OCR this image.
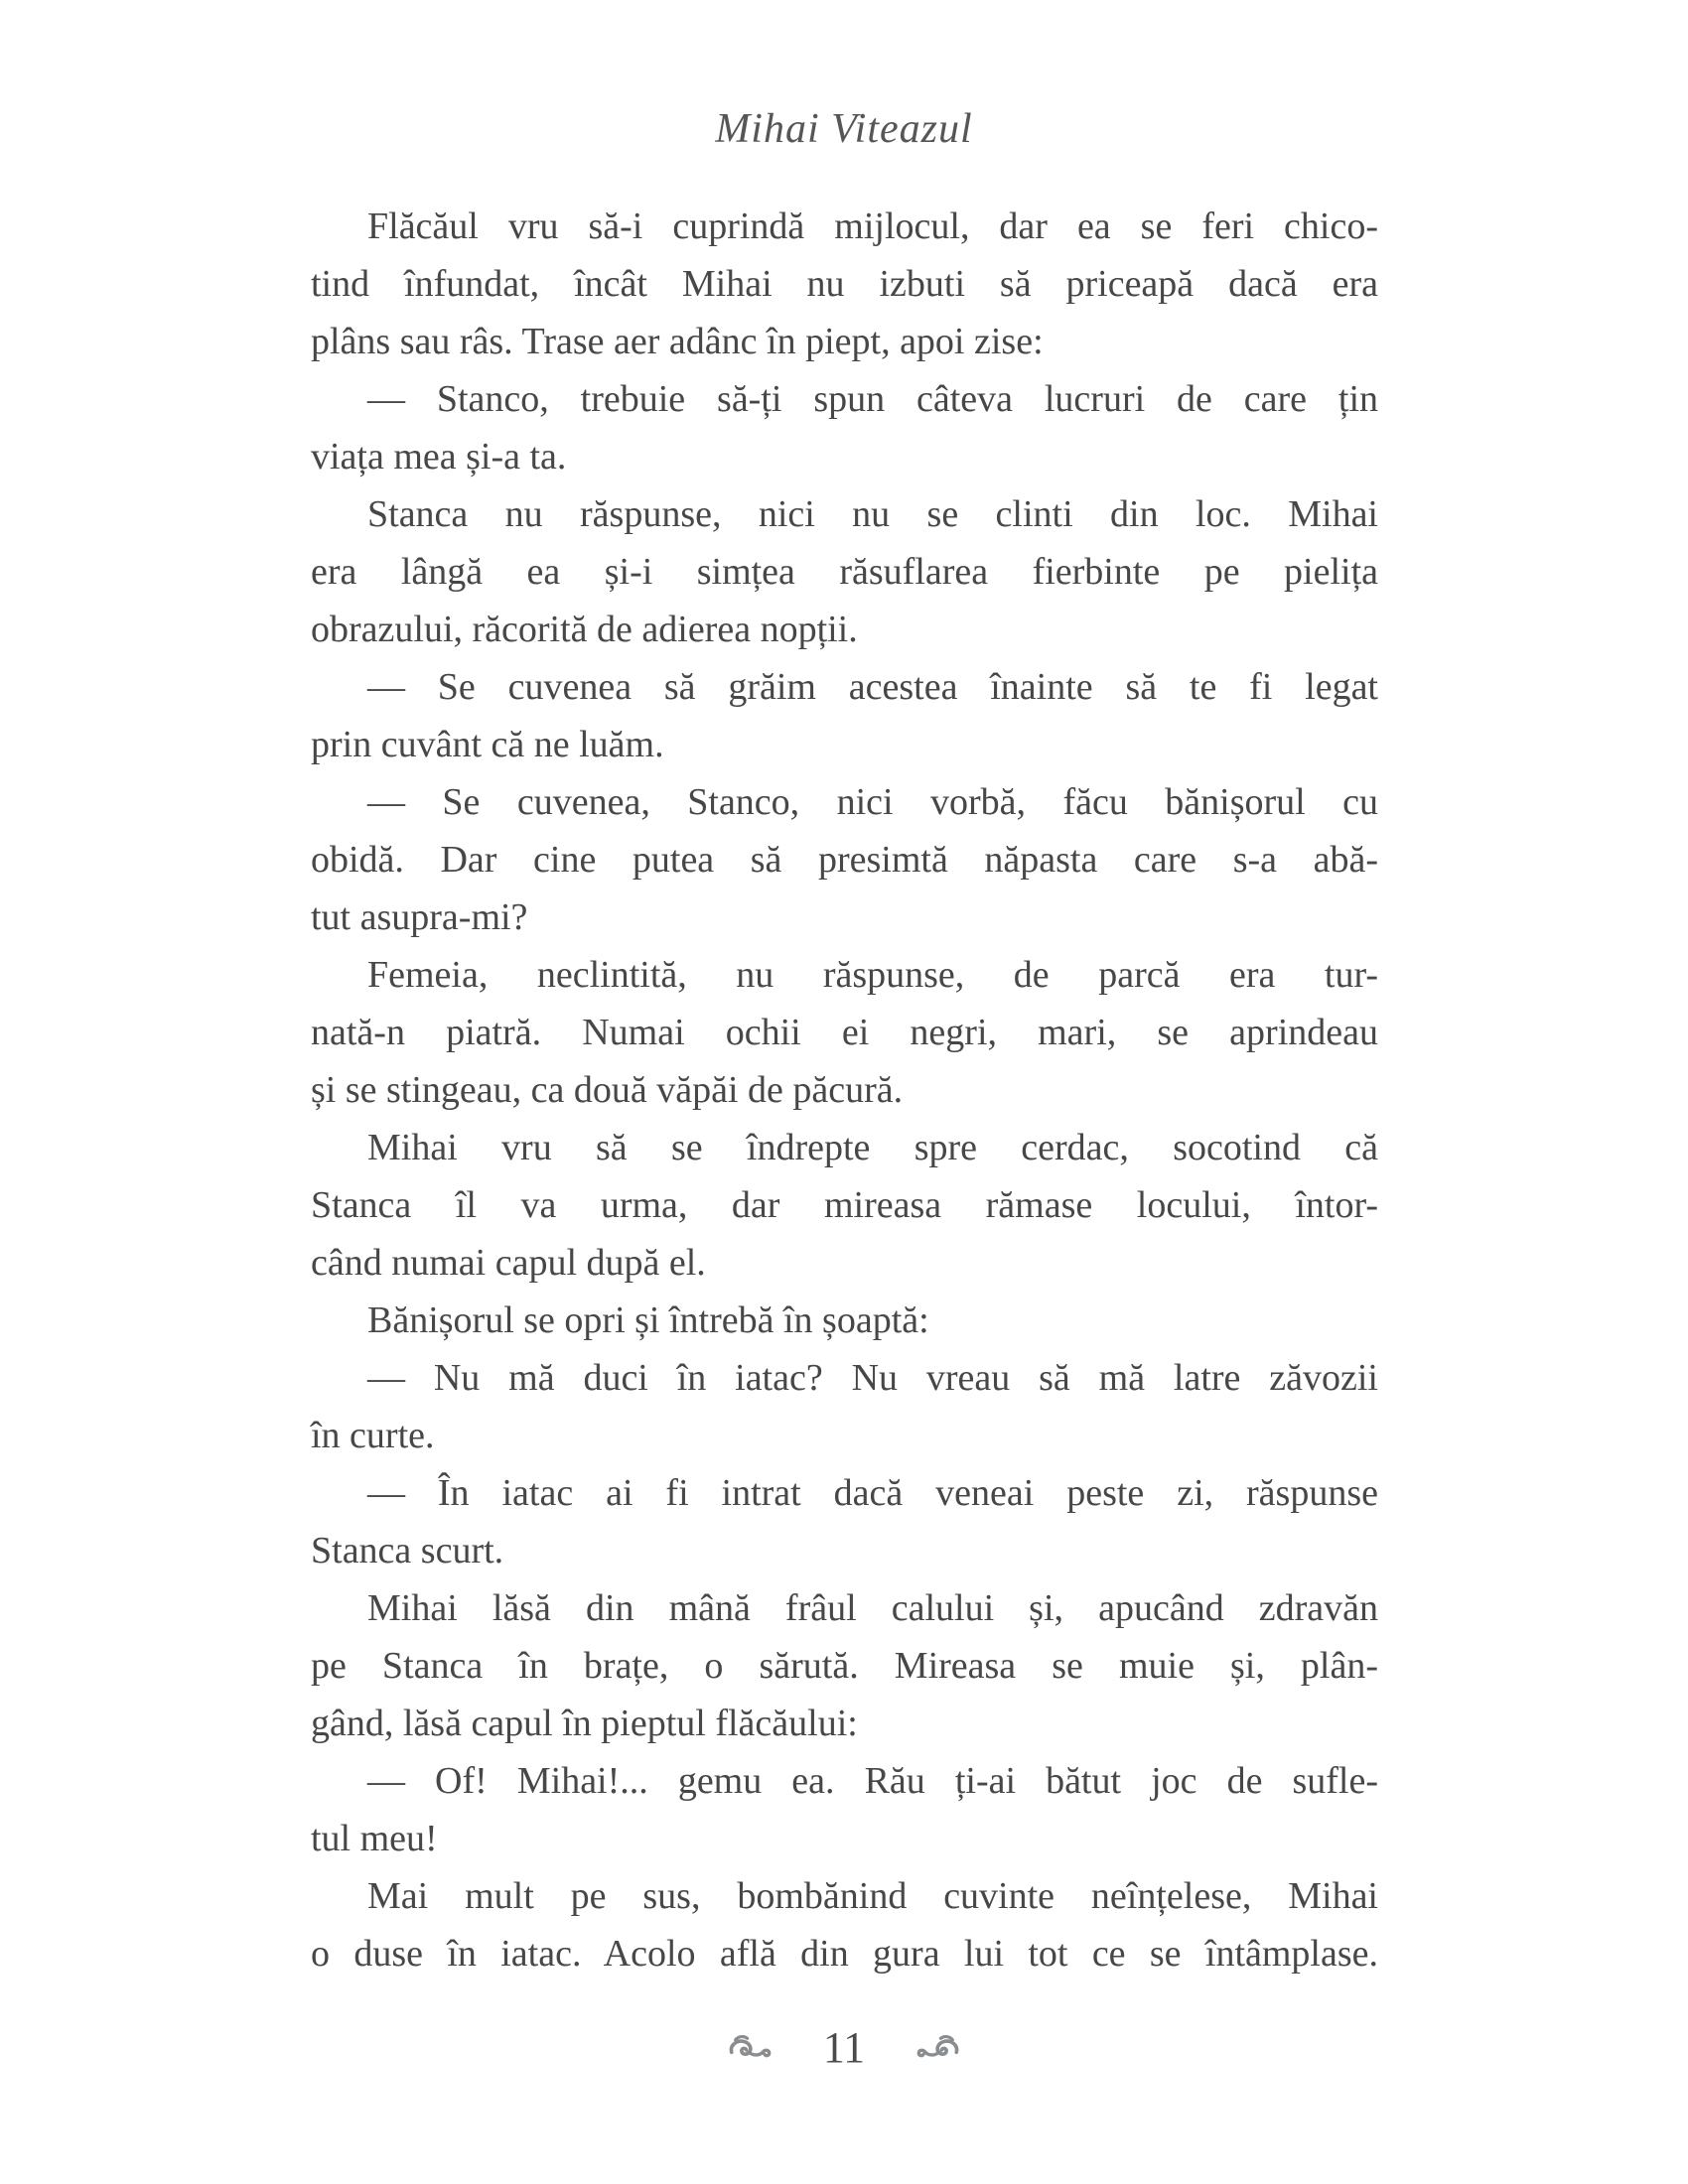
Mihai Viteazul
Flăcăul vru să-i cuprindă mijlocul, dar ea se feri chico-
tind înfundat, încât Mihai nu izbuti să priceapă dacă era
plâns sau râs. Trase aer adânc în piept, apoi zise:
— Stanco, trebuie să-ți spun câteva lucruri de care țin
viața mea și-a ta.
Stanca nu răspunse, nici nu se clinti din loc. Mihai
era lângă ea și-i simțea răsuflarea fierbinte pe pielița
obrazului, răcorită de adierea nopții.
— Se cuvenea să grăim acestea înainte să te fi legat
prin cuvânt că ne luăm.
— Se cuvenea, Stanco, nici vorbă, făcu bănișorul cu
obidă. Dar cine putea să presimtă năpasta care s-a abă-
tut asupra-mi?
Femeia, neclintită, nu răspunse, de parcă era tur-
nată-n piatră. Numai ochii ei negri, mari, se aprindeau
și se stingeau, ca două văpăi de păcură.
Mihai vru să se îndrepte spre cerdac, socotind că
Stanca îl va urma, dar mireasa rămase locului, întor-
când numai capul după el.
Bănișorul se opri și întrebă în șoaptă:
— Nu mă duci în iatac? Nu vreau să mă latre zăvozii
în curte.
— În iatac ai fi intrat dacă veneai peste zi, răspunse
Stanca scurt.
Mihai lăsă din mână frâul calului și, apucând zdravăn
pe Stanca în brațe, o sărută. Mireasa se muie și, plân-
gând, lăsă capul în pieptul flăcăului:
— Of! Mihai!... gemu ea. Rău ți-ai bătut joc de sufle-
tul meu!
Mai mult pe sus, bombănind cuvinte neînțelese, Mihai
o duse în iatac. Acolo află din gura lui tot ce se întâmplase.
11
